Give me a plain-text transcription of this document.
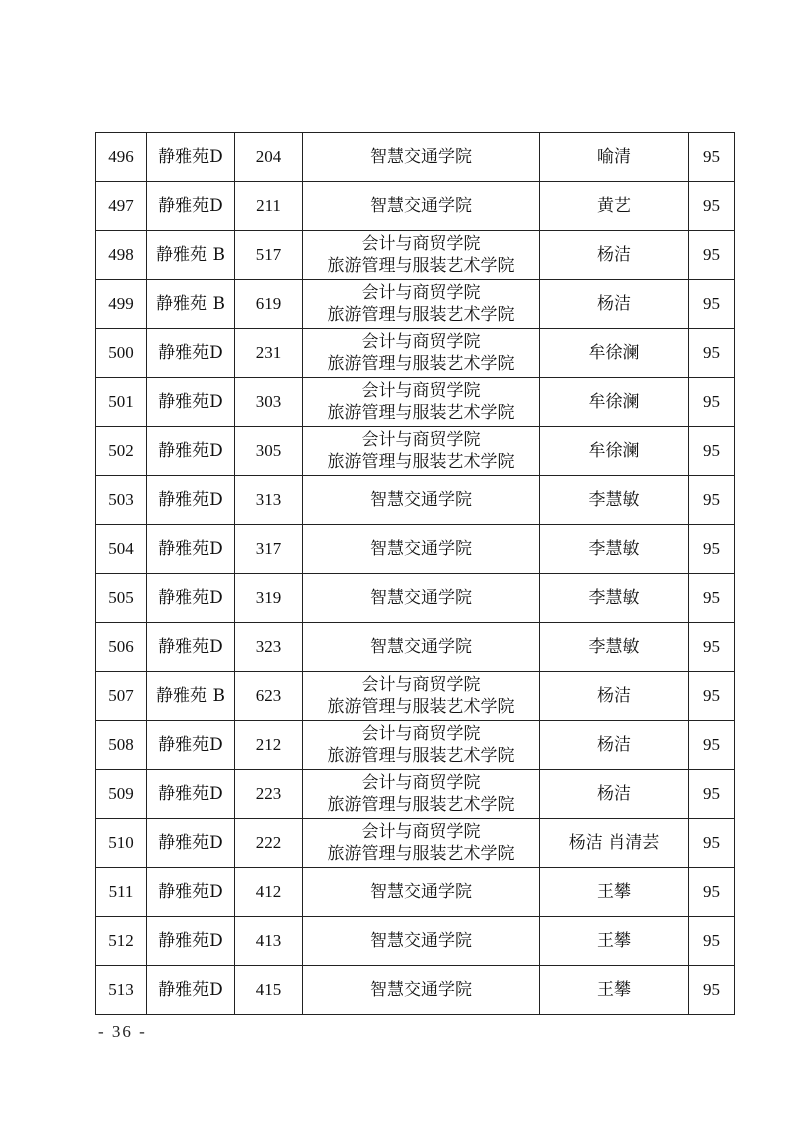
496	静雅苑D	204	智慧交通学院	喻清	95
497	静雅苑D	211	智慧交通学院	黄艺	95
498	静雅苑 B	517	会计与商贸学院
旅游管理与服装艺术学院	杨洁	95
499	静雅苑 B	619	会计与商贸学院
旅游管理与服装艺术学院	杨洁	95
500	静雅苑D	231	会计与商贸学院
旅游管理与服装艺术学院	牟徐澜	95
501	静雅苑D	303	会计与商贸学院
旅游管理与服装艺术学院	牟徐澜	95
502	静雅苑D	305	会计与商贸学院
旅游管理与服装艺术学院	牟徐澜	95
503	静雅苑D	313	智慧交通学院	李慧敏	95
504	静雅苑D	317	智慧交通学院	李慧敏	95
505	静雅苑D	319	智慧交通学院	李慧敏	95
506	静雅苑D	323	智慧交通学院	李慧敏	95
507	静雅苑 B	623	会计与商贸学院
旅游管理与服装艺术学院	杨洁	95
508	静雅苑D	212	会计与商贸学院
旅游管理与服装艺术学院	杨洁	95
509	静雅苑D	223	会计与商贸学院
旅游管理与服装艺术学院	杨洁	95
510	静雅苑D	222	会计与商贸学院
旅游管理与服装艺术学院	杨洁 肖清芸	95
511	静雅苑D	412	智慧交通学院	王攀	95
512	静雅苑D	413	智慧交通学院	王攀	95
513	静雅苑D	415	智慧交通学院	王攀	95
- 36 -
